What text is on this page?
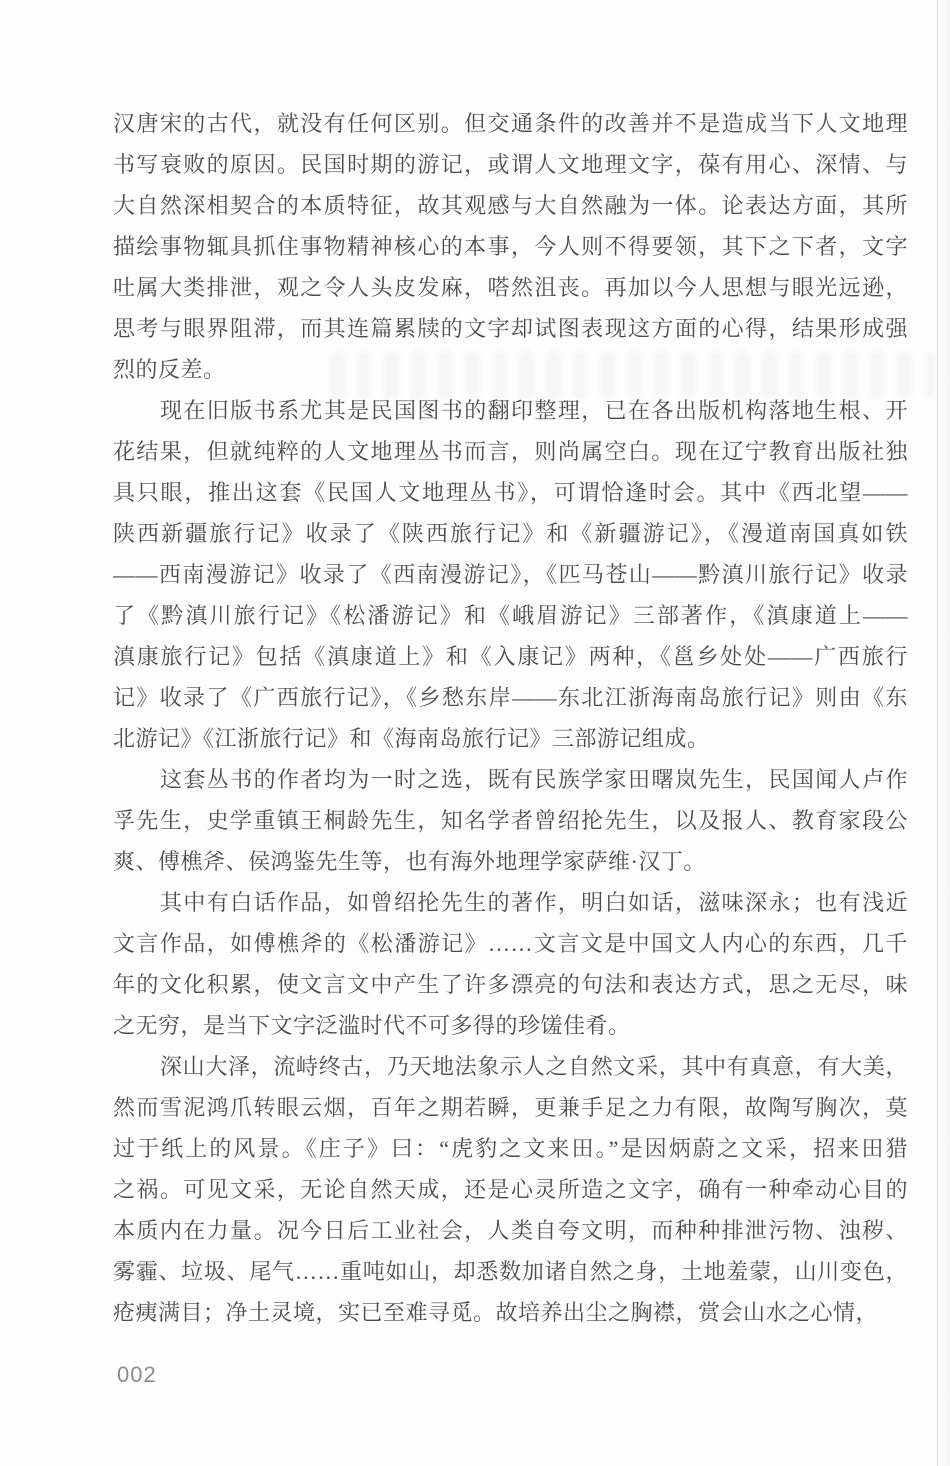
汉唐宋的古代，就没有任何区别。但交通条件的改善并不是造成当下人文地理
书写衰败的原因。民国时期的游记，或谓人文地理文字，葆有用心、深情、与
大自然深相契合的本质特征，故其观感与大自然融为一体。论表达方面，其所
描绘事物辄具抓住事物精神核心的本事，今人则不得要领，其下之下者，文字
吐属大类排泄，观之令人头皮发麻，嗒然沮丧。再加以今人思想与眼光远逊，
思考与眼界阻滞，而其连篇累牍的文字却试图表现这方面的心得，结果形成强
烈的反差。
现在旧版书系尤其是民国图书的翻印整理，已在各出版机构落地生根、开
花结果，但就纯粹的人文地理丛书而言，则尚属空白。现在辽宁教育出版社独
具只眼，推出这套《民国人文地理丛书》，可谓恰逢时会。其中《西北望——
陕西新疆旅行记》收录了《陕西旅行记》和《新疆游记》，《漫道南国真如铁
——西南漫游记》收录了《西南漫游记》，《匹马苍山——黔滇川旅行记》收录
了《黔滇川旅行记》《松潘游记》和《峨眉游记》三部著作，《滇康道上——
滇康旅行记》包括《滇康道上》和《入康记》两种，《邕乡处处——广西旅行
记》收录了《广西旅行记》，《乡愁东岸——东北江浙海南岛旅行记》则由《东
北游记》《江浙旅行记》和《海南岛旅行记》三部游记组成。
这套丛书的作者均为一时之选，既有民族学家田曙岚先生，民国闻人卢作
孚先生，史学重镇王桐龄先生，知名学者曾绍抡先生，以及报人、教育家段公
爽、傅樵斧、侯鸿鉴先生等，也有海外地理学家萨维·汉丁。
其中有白话作品，如曾绍抡先生的著作，明白如话，滋味深永；也有浅近
文言作品，如傅樵斧的《松潘游记》……文言文是中国文人内心的东西，几千
年的文化积累，使文言文中产生了许多漂亮的句法和表达方式，思之无尽，味
之无穷，是当下文字泛滥时代不可多得的珍馐佳肴。
深山大泽，流峙终古，乃天地法象示人之自然文采，其中有真意，有大美，
然而雪泥鸿爪转眼云烟，百年之期若瞬，更兼手足之力有限，故陶写胸次，莫
过于纸上的风景。《庄子》曰：“虎豹之文来田。”是因炳蔚之文采，招来田猎
之祸。可见文采，无论自然天成，还是心灵所造之文字，确有一种牵动心目的
本质内在力量。况今日后工业社会，人类自夸文明，而种种排泄污物、浊秽、
雾霾、垃圾、尾气……重吨如山，却悉数加诸自然之身，土地羞蒙，山川变色，
疮痍满目；净土灵境，实已至难寻觅。故培养出尘之胸襟，赏会山水之心情，
002
